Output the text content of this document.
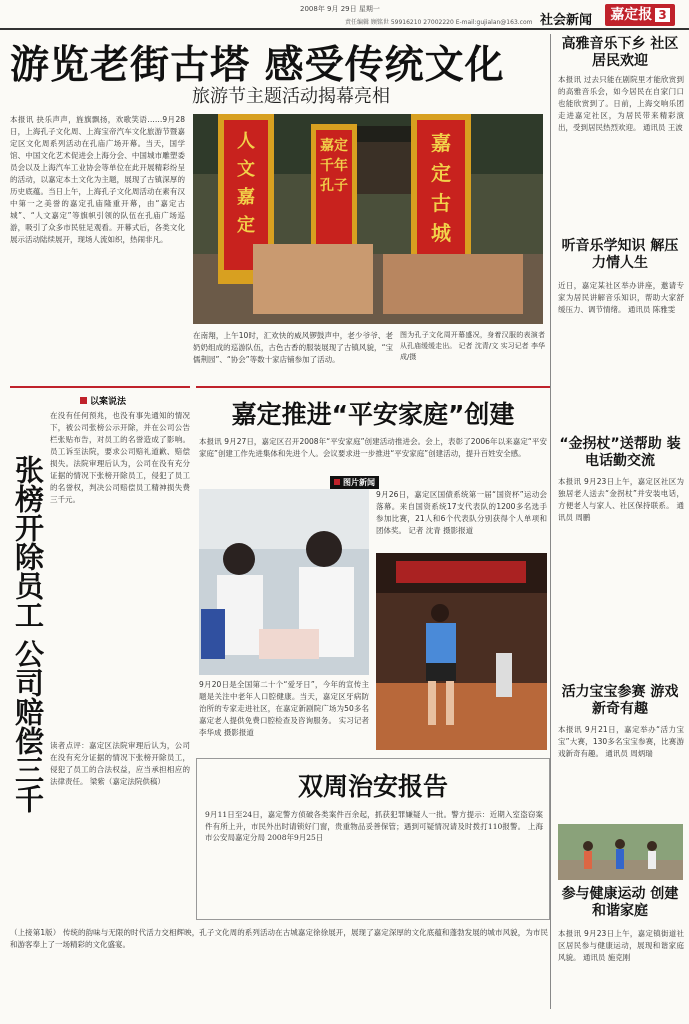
2008年 9月 29日 星期一
责任编辑 顾铭世 59916210 27002220 E-mail:gujialan@163.com 社会新闻	嘉定报 3
游览老街古塔 感受传统文化
旅游节主题活动揭幕亮相
本报讯 抉乐声声，旌旗飘扬，欢歌笑语……9月28日，上海孔子文化周、上海宝帝汽车文化旅游节暨嘉定区文化周系列活动在孔庙广场开幕。当天，国学馆、中国文化艺术促进会上海分会、中国城市雕塑委员会以及上海汽车工业协会等单位在此开展精彩纷呈的活动，以嘉定本土文化为主题，展现了古镇深厚的历史底蕴。当日上午，上海孔子文化周活动在素有汉中第一之美誉的嘉定孔庙隆重开幕，由“嘉定古城”、“人文嘉定”等旗帜引领的队伍在孔庙广场巡游，吸引了众多市民驻足观看。开幕式后，各类文化展示活动陆续展开，现场人流如织，热闹非凡。
人文嘉定
嘉定千年孔子
嘉定古城
在南翔，上午10时，汇欢快的威风锣鼓声中，老少爷爷、老奶奶组成的巡游队伍，古色古香的服装展现了古镇风貌，“宝儒荆园”、“协会”等数十家店铺参加了活动。
图为孔子文化周开幕盛况，身着汉服的表演者从孔庙缓缓走出。 记者 沈青/文 实习记者 李华成/摄
高雅音乐下乡 社区居民欢迎
本报讯 过去只能在剧院里才能欣赏到的高雅音乐会，如今居民在自家门口也能欣赏到了。日前，上海交响乐团走进嘉定社区，为居民带来精彩演出，受到居民热烈欢迎。 通讯员 王波
听音乐学知识 解压力情人生
近日，嘉定某社区举办讲座，邀请专家为居民讲解音乐知识，帮助大家舒缓压力、调节情绪。 通讯员 陈雅雯
“金拐杖”送帮助 装电话勤交流
本报讯 9月23日上午，嘉定区社区为独居老人送去“金拐杖”并安装电话，方便老人与家人、社区保持联系。 通讯员 周鹏
活力宝宝参赛 游戏新奇有趣
本报讯 9月21日，嘉定举办“活力宝宝”大赛，130多名宝宝参赛，比赛游戏新奇有趣。 通讯员 周炳瑞
参与健康运动 创建和谐家庭
本报讯 9月23日上午，嘉定镇街道社区居民参与健康运动，展现和谐家庭风貌。 通讯员 施克刚
以案说法
张榜开除员工 公司赔偿三千
在没有任何预兆，也没有事先通知的情况下，被公司张榜公示开除，并在公司公告栏张贴布告，对员工的名誉造成了影响。员工诉至法院，要求公司赔礼道歉、赔偿损失。法院审理后认为，公司在没有充分证据的情况下张榜开除员工，侵犯了员工的名誉权，判决公司赔偿员工精神损失费三千元。
读者点评：嘉定区法院审理后认为，公司在没有充分证据的情况下张榜开除员工，侵犯了员工的合法权益，应当承担相应的法律责任。 梁紫（嘉定法院供稿）
嘉定推进“平安家庭”创建
本报讯 9月27日，嘉定区召开2008年“平安家庭”创建活动推进会。会上，表彰了2006年以来嘉定“平安家庭”创建工作先进集体和先进个人。会议要求进一步推进“平安家庭”创建活动，提升百姓安全感。
图片新闻
9月26日，嘉定区国债系统第一届“国资杯”运动会落幕。来自国资系统17支代表队的1200多名选手参加比赛，21人和6个代表队分别获得个人单项和团体奖。 记者 沈青 摄影报道
9月20日是全国第二十个“爱牙日”，今年的宣传主题是关注中老年人口腔健康。当天，嘉定区牙病防治所的专家走进社区，在嘉定新剧院广场为50多名嘉定老人提供免费口腔检查及咨询服务。 实习记者 李华成 摄影报道
双周治安报告
9月11日至24日，嘉定警方侦破各类案件百余起，抓获犯罪嫌疑人一批。警方提示：近期入室盗窃案件有所上升，市民外出时请锁好门窗，贵重物品妥善保管；遇到可疑情况请及时拨打110报警。 上海市公安局嘉定分局 2008年9月25日
（上接第1版） 传统的韵味与无限的时代活力交相辉映，孔子文化周的系列活动在古城嘉定徐徐展开，展现了嘉定深厚的文化底蕴和蓬勃发展的城市风貌，为市民和游客奉上了一场精彩的文化盛宴。
